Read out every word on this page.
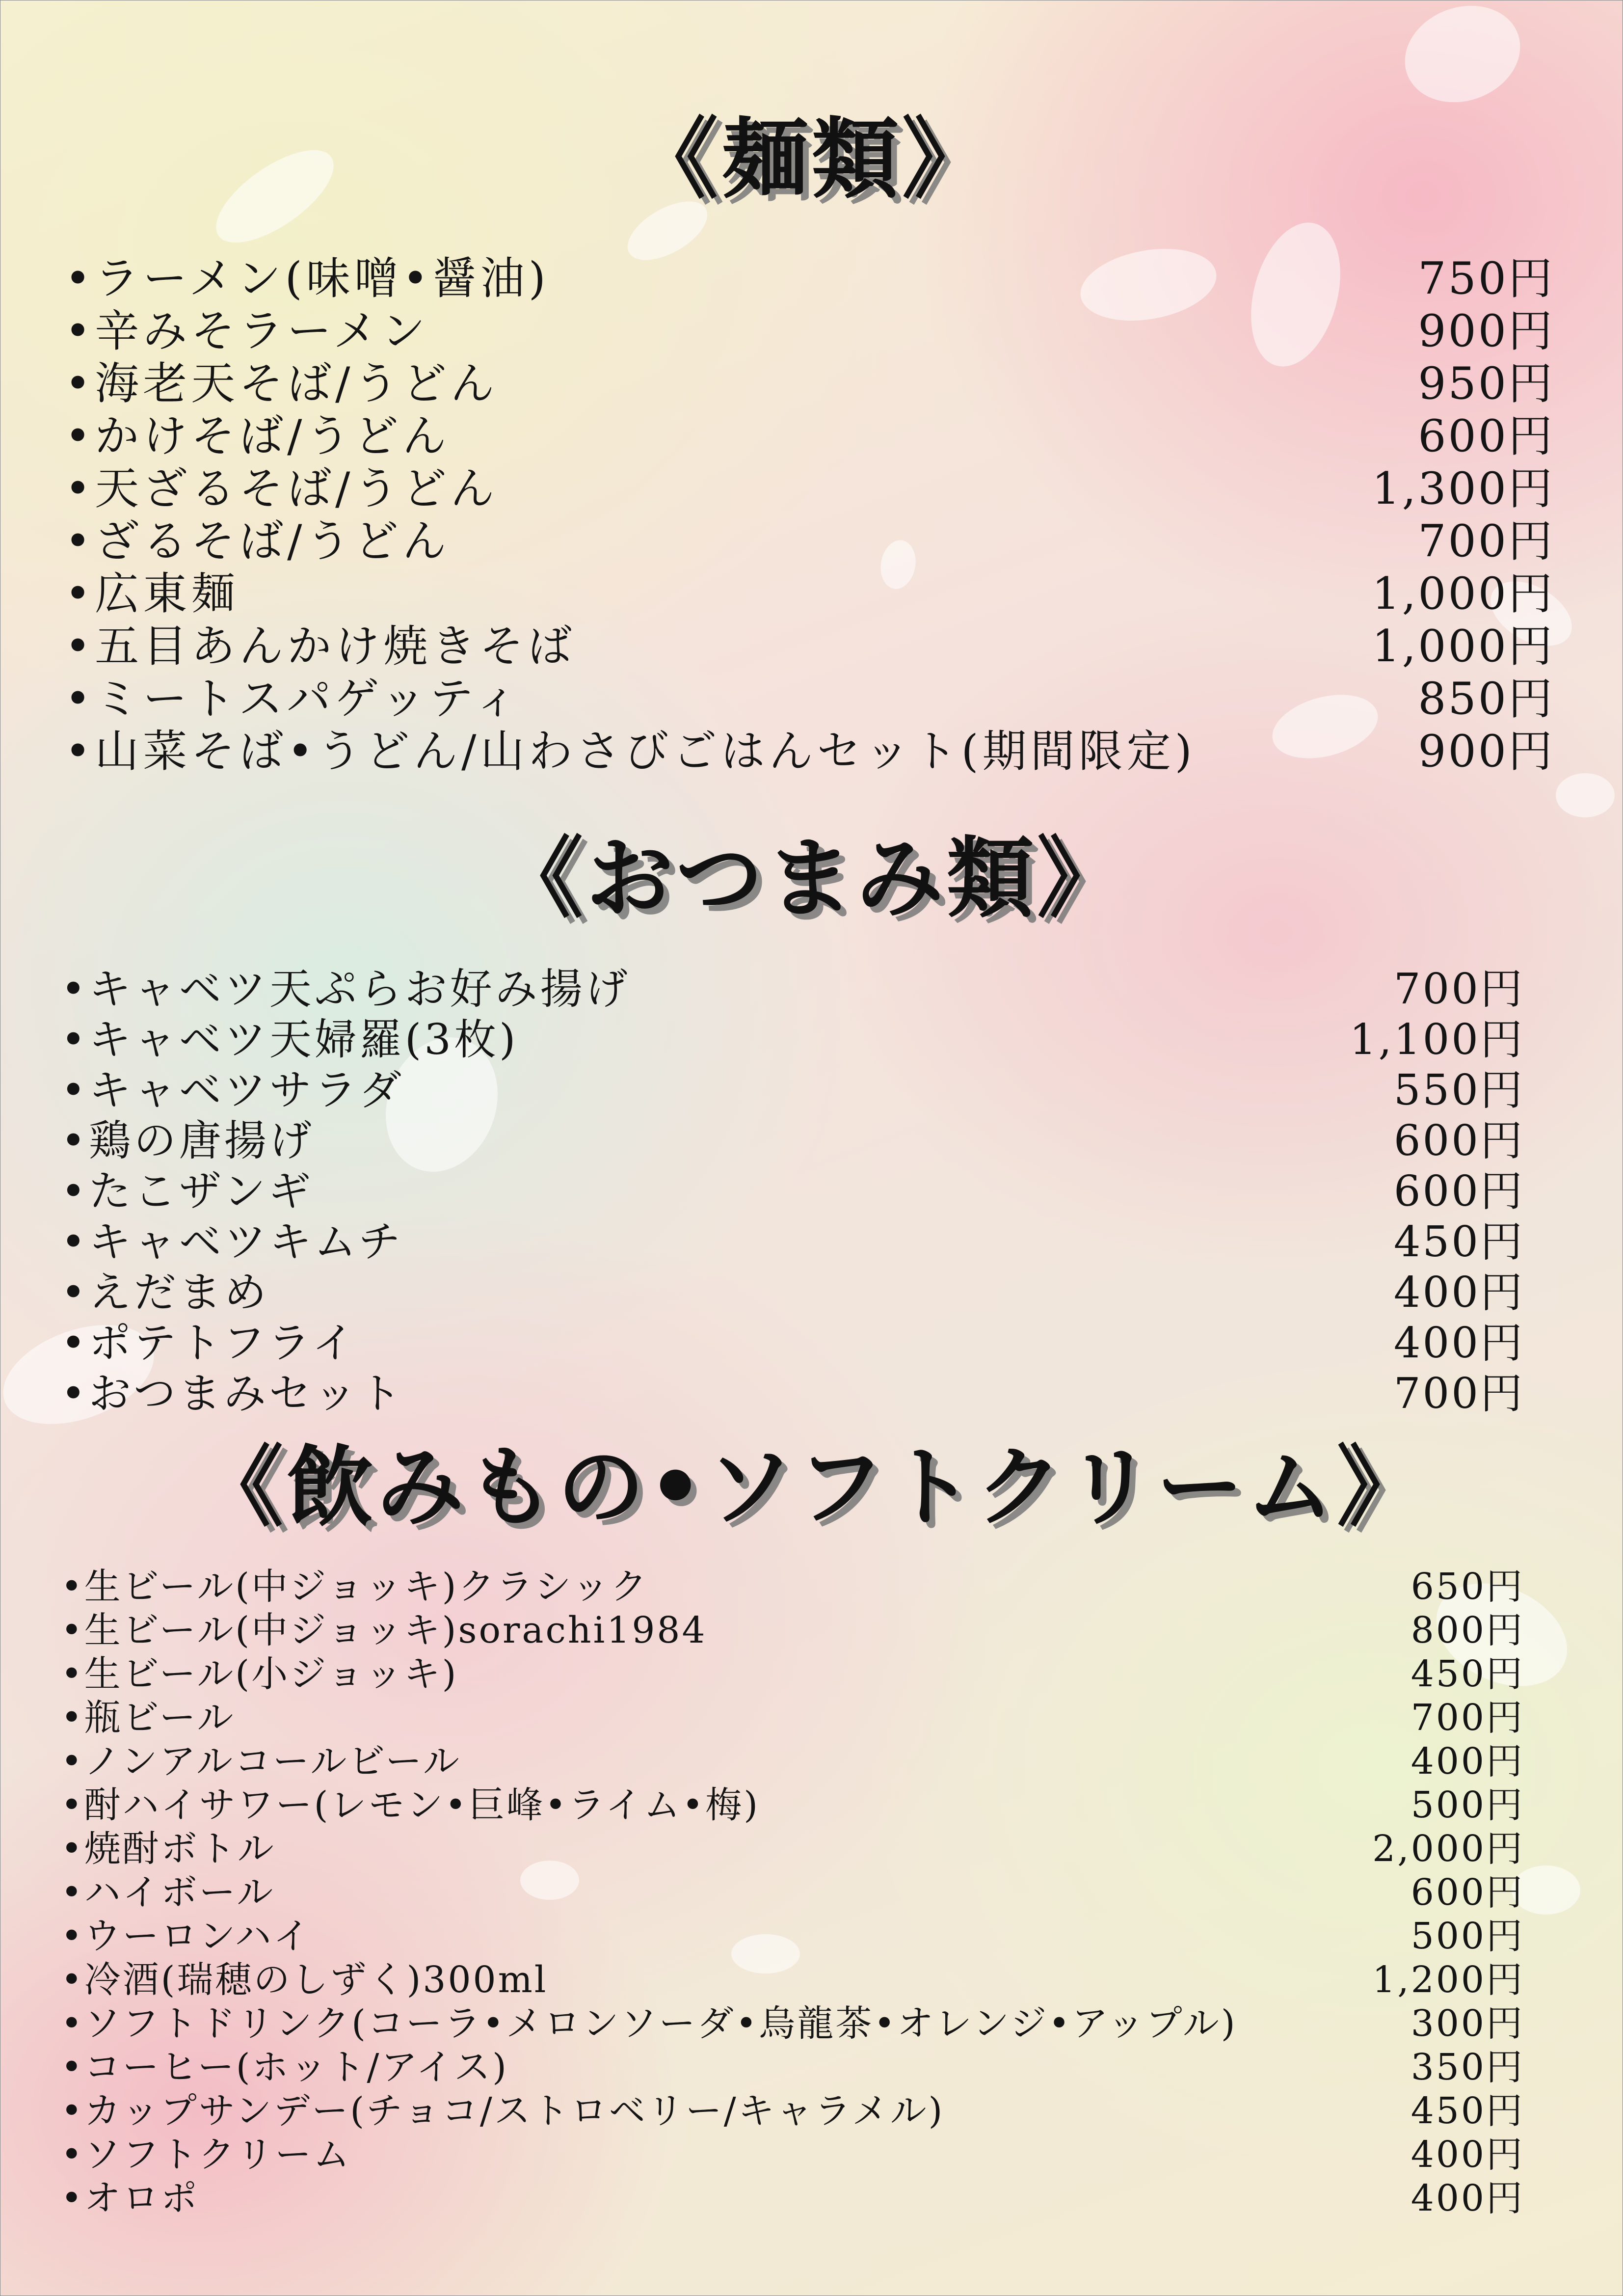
《麺類》
•ラーメン(味噌•醤油)	750円
•辛みそラーメン	900円
•海老天そば/うどん	950円
•かけそば/うどん	600円
•天ざるそば/うどん	1,300円
•ざるそば/うどん	700円
•広東麺	1,000円
•五目あんかけ焼きそば	1,000円
•ミートスパゲッティ	850円
•山菜そば•うどん/山わさびごはんセット(期間限定)	900円
《おつまみ類》
•キャベツ天ぷらお好み揚げ	700円
•キャベツ天婦羅(3枚)	1,100円
•キャベツサラダ	550円
•鶏の唐揚げ	600円
•たこザンギ	600円
•キャベツキムチ	450円
•えだまめ	400円
•ポテトフライ	400円
•おつまみセット	700円
《飲みもの•ソフトクリーム》
•生ビール(中ジョッキ)クラシック	650円
•生ビール(中ジョッキ)sorachi1984	800円
•生ビール(小ジョッキ)	450円
•瓶ビール	700円
•ノンアルコールビール	400円
•酎ハイサワー(レモン•巨峰•ライム•梅)	500円
•焼酎ボトル	2,000円
•ハイボール	600円
•ウーロンハイ	500円
•冷酒(瑞穂のしずく)300ml	1,200円
•ソフトドリンク(コーラ•メロンソーダ•烏龍茶•オレンジ•アップル)	300円
•コーヒー(ホット/アイス)	350円
•カップサンデー(チョコ/ストロベリー/キャラメル)	450円
•ソフトクリーム	400円
•オロポ	400円
